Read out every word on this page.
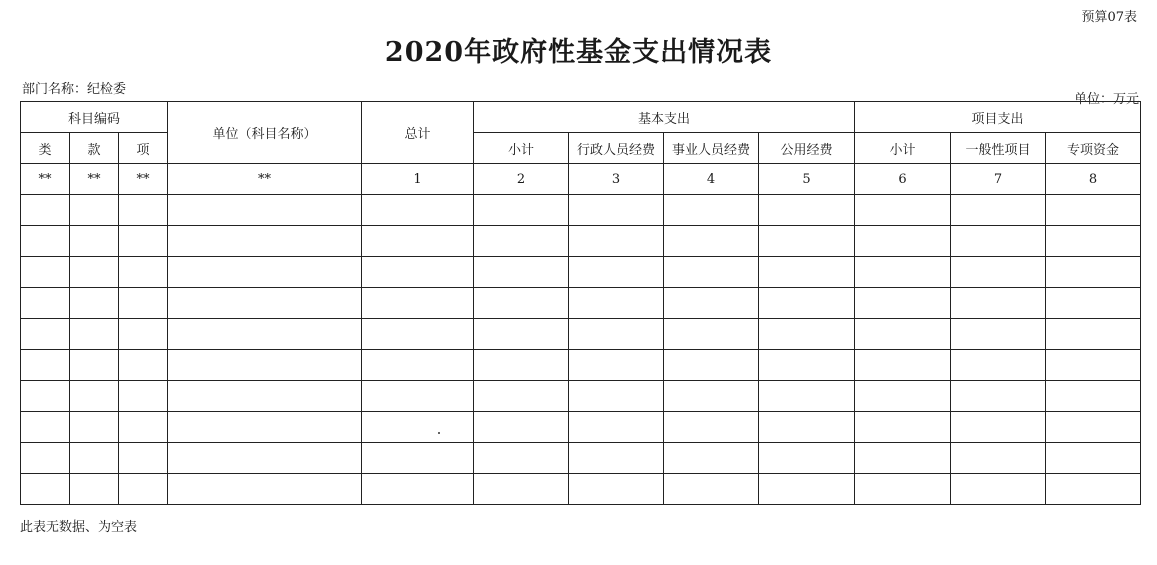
预算07表
2020年政府性基金支出情况表
部门名称：纪检委
单位：万元
科目编码			单位（科目名称）	总计	基本支出				项目支出		
类	款	项			小计	行政人员经费	事业人员经费	公用经费	小计	一般性项目	专项资金
**	**	**	**	1	2	3	4	5	6	7	8

此表无数据、为空表
